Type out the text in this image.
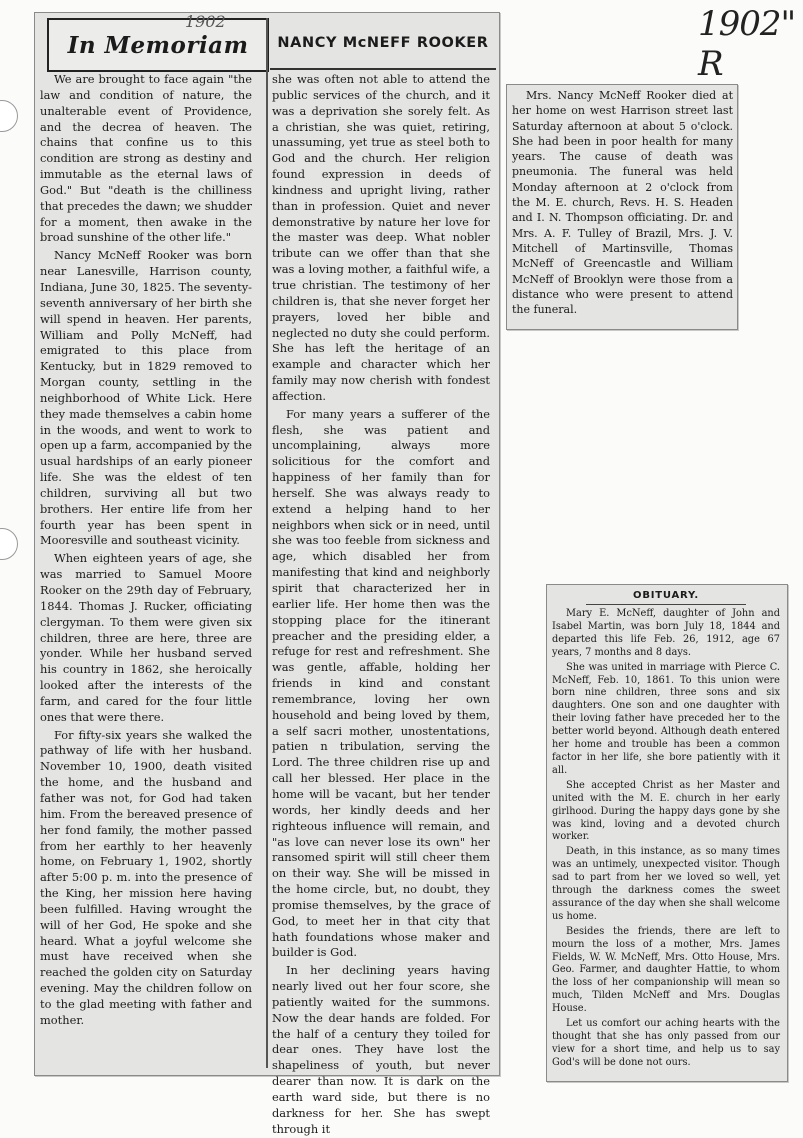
1902" R
In Memoriam
1902
NANCY McNEFF ROOKER

We are brought to face again "the law and condition of nature, the unalterable event of Providence, and the decrea of heaven. The chains that confine us to this condition are strong as destiny and immutable as the eternal laws of God." But "death is the chilliness that precedes the dawn; we shudder for a moment, then awake in the broad sunshine of the other life."

Nancy McNeff Rooker was born near Lanesville, Harrison county, Indiana, June 30, 1825. The seventy-seventh anniversary of her birth she will spend in heaven. Her parents, William and Polly McNeff, had emigrated to this place from Kentucky, but in 1829 removed to Morgan county, settling in the neighborhood of White Lick. Here they made themselves a cabin home in the woods, and went to work to open up a farm, accompanied by the usual hardships of an early pioneer life. She was the eldest of ten children, surviving all but two brothers. Her entire life from her fourth year has been spent in Mooresville and southeast vicinity.

When eighteen years of age, she was married to Samuel Moore Rooker on the 29th day of February, 1844. Thomas J. Rucker, officiating clergyman. To them were given six children, three are here, three are yonder. While her husband served his country in 1862, she heroically looked after the interests of the farm, and cared for the four little ones that were there.

For fifty-six years she walked the pathway of life with her husband. November 10, 1900, death visited the home, and the husband and father was not, for God had taken him. From the bereaved presence of her fond family, the mother passed from her earthly to her heavenly home, on February 1, 1902, shortly after 5:00 p. m. into the presence of the King, her mission here having been fulfilled. Having wrought the will of her God, He spoke and she heard. What a joyful welcome she must have received when she reached the golden city on Saturday evening. May the children follow on to the glad meeting with father and mother.

she was often not able to attend the public services of the church, and it was a deprivation she sorely felt. As a christian, she was quiet, retiring, unassuming, yet true as steel both to God and the church. Her religion found expression in deeds of kindness and upright living, rather than in profession. Quiet and never demonstrative by nature her love for the master was deep. What nobler tribute can we offer than that she was a loving mother, a faithful wife, a true christian. The testimony of her children is, that she never forget her prayers, loved her bible and neglected no duty she could perform. She has left the heritage of an example and character which her family may now cherish with fondest affection.

For many years a sufferer of the flesh, she was patient and uncomplaining, always more solicitious for the comfort and happiness of her family than for herself. She was always ready to extend a helping hand to her neighbors when sick or in need, until she was too feeble from sickness and age, which disabled her from manifesting that kind and neighborly spirit that characterized her in earlier life. Her home then was the stopping place for the itinerant preacher and the presiding elder, a refuge for rest and refreshment. She was gentle, affable, holding her friends in kind and constant remembrance, loving her own household and being loved by them, a self sacri mother, unostentations, patien n tribulation, serving the Lord. The three children rise up and call her blessed. Her place in the home will be vacant, but her tender words, her kindly deeds and her righteous influence will remain, and "as love can never lose its own" her ransomed spirit will still cheer them on their way. She will be missed in the home circle, but, no doubt, they promise themselves, by the grace of God, to meet her in that city that hath foundations whose maker and builder is God.

In her declining years having nearly lived out her four score, she patiently waited for the summons. Now the dear hands are folded. For the half of a century they toiled for dear ones. They have lost the shapeliness of youth, but never dearer than now. It is dark on the earth ward side, but there is no darkness for her. She has swept through it

Mrs. Nancy McNeff Rooker died at her home on west Harrison street last Saturday afternoon at about 5 o'clock. She had been in poor health for many years. The cause of death was pneumonia. The funeral was held Monday afternoon at 2 o'clock from the M. E. church, Revs. H. S. Headen and I. N. Thompson officiating. Dr. and Mrs. A. F. Tulley of Brazil, Mrs. J. V. Mitchell of Martinsville, Thomas McNeff of Greencastle and William McNeff of Brooklyn were those from a distance who were present to attend the funeral.

OBITUARY.

Mary E. McNeff, daughter of John and Isabel Martin, was born July 18, 1844 and departed this life Feb. 26, 1912, age 67 years, 7 months and 8 days.

She was united in marriage with Pierce C. McNeff, Feb. 10, 1861. To this union were born nine children, three sons and six daughters. One son and one daughter with their loving father have preceded her to the better world beyond. Although death entered her home and trouble has been a common factor in her life, she bore patiently with it all.

She accepted Christ as her Master and united with the M. E. church in her early girlhood. During the happy days gone by she was kind, loving and a devoted church worker.

Death, in this instance, as so many times was an untimely, unexpected visitor. Though sad to part from her we loved so well, yet through the darkness comes the sweet assurance of the day when she shall welcome us home.

Besides the friends, there are left to mourn the loss of a mother, Mrs. James Fields, W. W. McNeff, Mrs. Otto House, Mrs. Geo. Farmer, and daughter Hattie, to whom the loss of her companionship will mean so much, Tilden McNeff and Mrs. Douglas House.

Let us comfort our aching hearts with the thought that she has only passed from our view for a short time, and help us to say God's will be done not ours.
